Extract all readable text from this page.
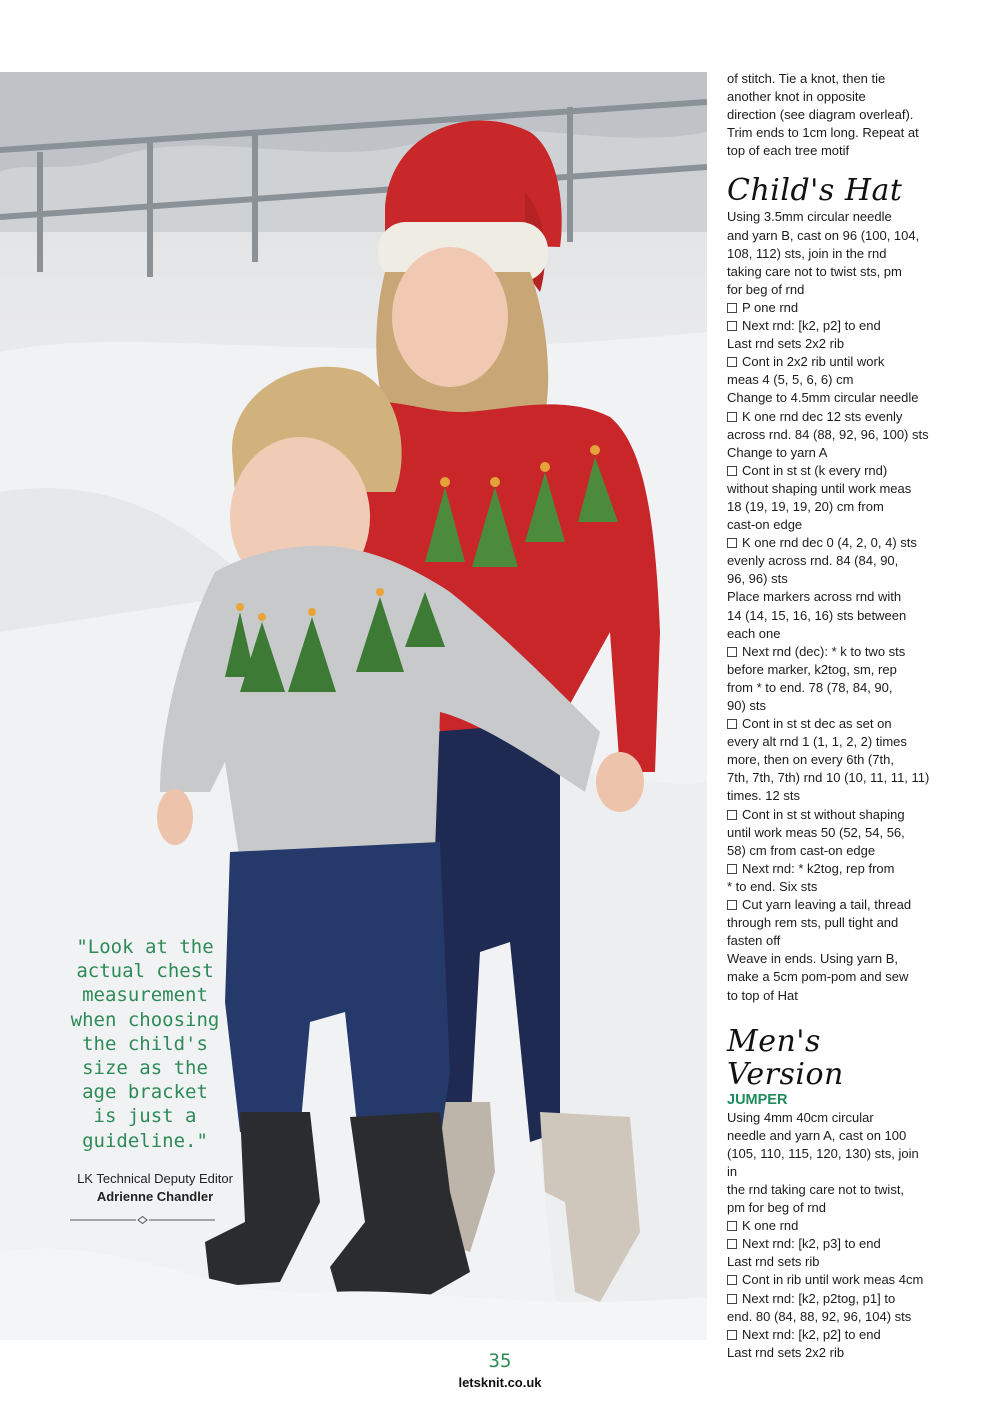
"Look at the
actual chest
measurement
when choosing
the child's
size as the
age bracket
is just a
guideline."
LK Technical Deputy Editor
Adrienne Chandler

of stitch. Tie a knot, then tie

another knot in opposite

direction (see diagram overleaf).

Trim ends to 1cm long. Repeat at

top of each tree motif

Child's Hat
Using 3.5mm circular needle
and yarn B, cast on 96 (100, 104,
108, 112) sts, join in the rnd
taking care not to twist sts, pm
for beg of rnd
P one rnd
Next rnd: [k2, p2] to end
Last rnd sets 2x2 rib
Cont in 2x2 rib until work
meas 4 (5, 5, 6, 6) cm
Change to 4.5mm circular needle
K one rnd dec 12 sts evenly
across rnd. 84 (88, 92, 96, 100) sts
Change to yarn A
Cont in st st (k every rnd)
without shaping until work meas
18 (19, 19, 19, 20) cm from
cast-on edge
K one rnd dec 0 (4, 2, 0, 4) sts
evenly across rnd. 84 (84, 90,
96, 96) sts
Place markers across rnd with
14 (14, 15, 16, 16) sts between
each one
Next rnd (dec): * k to two sts
before marker, k2tog, sm, rep
from * to end. 78 (78, 84, 90,
90) sts
Cont in st st dec as set on
every alt rnd 1 (1, 1, 2, 2) times
more, then on every 6th (7th,
7th, 7th, 7th) rnd 10 (10, 11, 11, 11)
times. 12 sts
Cont in st st without shaping
until work meas 50 (52, 54, 56,
58) cm from cast-on edge
Next rnd: * k2tog, rep from
* to end. Six sts
Cut yarn leaving a tail, thread
through rem sts, pull tight and
fasten off
Weave in ends. Using yarn B,
make a 5cm pom-pom and sew
to top of Hat
Men's
Version
JUMPER
Using 4mm 40cm circular
needle and yarn A, cast on 100
(105, 110, 115, 120, 130) sts, join in
the rnd taking care not to twist,
pm for beg of rnd
K one rnd
Next rnd: [k2, p3] to end
Last rnd sets rib
Cont in rib until work meas 4cm
Next rnd: [k2, p2tog, p1] to
end. 80 (84, 88, 92, 96, 104) sts
Next rnd: [k2, p2] to end
Last rnd sets 2x2 rib
35
letsknit.co.uk
